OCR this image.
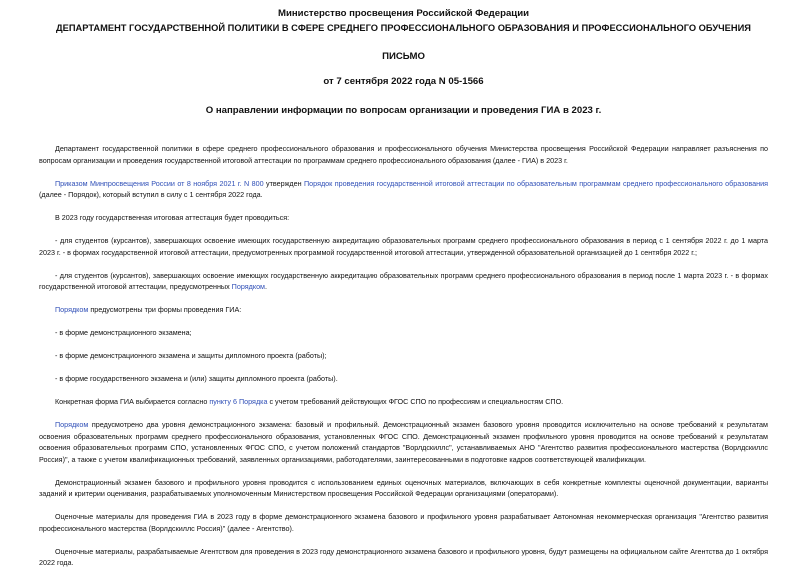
Министерство просвещения Российской Федерации
ДЕПАРТАМЕНТ ГОСУДАРСТВЕННОЙ ПОЛИТИКИ В СФЕРЕ СРЕДНЕГО ПРОФЕССИОНАЛЬНОГО ОБРАЗОВАНИЯ И ПРОФЕССИОНАЛЬНОГО ОБУЧЕНИЯ
ПИСЬМО
от 7 сентября 2022 года N 05-1566
О направлении информации по вопросам организации и проведения ГИА в 2023 г.

Департамент государственной политики в сфере среднего профессионального образования и профессионального обучения Министерства просвещения Российской Федерации направляет разъяснения по вопросам организации и проведения государственной итоговой аттестации по программам среднего профессионального образования (далее - ГИА) в 2023 г.

Приказом Минпросвещения России от 8 ноября 2021 г. N 800 утвержден Порядок проведения государственной итоговой аттестации по образовательным программам среднего профессионального образования (далее - Порядок), который вступил в силу с 1 сентября 2022 года.

В 2023 году государственная итоговая аттестация будет проводиться:

- для студентов (курсантов), завершающих освоение имеющих государственную аккредитацию образовательных программ среднего профессионального образования в период с 1 сентября 2022 г. до 1 марта 2023 г. - в формах государственной итоговой аттестации, предусмотренных программой государственной итоговой аттестации, утвержденной образовательной организацией до 1 сентября 2022 г.;

- для студентов (курсантов), завершающих освоение имеющих государственную аккредитацию образовательных программ среднего профессионального образования в период после 1 марта 2023 г. - в формах государственной итоговой аттестации, предусмотренных Порядком.

Порядком предусмотрены три формы проведения ГИА:

- в форме демонстрационного экзамена;

- в форме демонстрационного экзамена и защиты дипломного проекта (работы);

- в форме государственного экзамена и (или) защиты дипломного проекта (работы).

Конкретная форма ГИА выбирается согласно пункту 6 Порядка с учетом требований действующих ФГОС СПО по профессиям и специальностям СПО.

Порядком предусмотрено два уровня демонстрационного экзамена: базовый и профильный. Демонстрационный экзамен базового уровня проводится исключительно на основе требований к результатам освоения образовательных программ среднего профессионального образования, установленных ФГОС СПО. Демонстрационный экзамен профильного уровня проводится на основе требований к результатам освоения образовательных программ СПО, установленных ФГОС СПО, с учетом положений стандартов "Ворлдскиллс", устанавливаемых АНО "Агентство развития профессионального мастерства (Ворлдскиллс Россия)", а также с учетом квалификационных требований, заявленных организациями, работодателями, заинтересованными в подготовке кадров соответствующей квалификации.

Демонстрационный экзамен базового и профильного уровня проводится с использованием единых оценочных материалов, включающих в себя конкретные комплекты оценочной документации, варианты заданий и критерии оценивания, разрабатываемых уполномоченным Министерством просвещения Российской Федерации организациями (операторами).

Оценочные материалы для проведения ГИА в 2023 году в форме демонстрационного экзамена базового и профильного уровня разрабатывает Автономная некоммерческая организация "Агентство развития профессионального мастерства (Ворлдскиллс Россия)" (далее - Агентство).

Оценочные материалы, разрабатываемые Агентством для проведения в 2023 году демонстрационного экзамена базового и профильного уровня, будут размещены на официальном сайте Агентства до 1 октября 2022 года.
